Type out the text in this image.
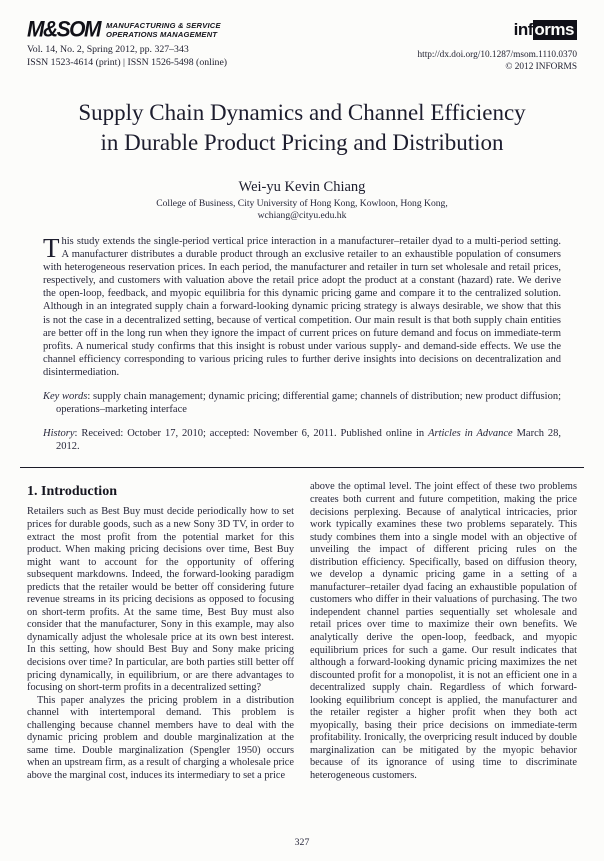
M&SOM MANUFACTURING & SERVICE
OPERATIONS MANAGEMENT
Vol. 14, No. 2, Spring 2012, pp. 327–343
ISSN 1523-4614 (print) | ISSN 1526-5498 (online)
inf orms
http://dx.doi.org/10.1287/msom.1110.0370
© 2012 INFORMS
Supply Chain Dynamics and Channel Efficiency
in Durable Product Pricing and Distribution
Wei-yu Kevin Chiang
College of Business, City University of Hong Kong, Kowloon, Hong Kong,
wchiang@cityu.edu.hk
This study extends the single-period vertical price interaction in a manufacturer–retailer dyad to a multi-period setting. A manufacturer distributes a durable product through an exclusive retailer to an exhaustible population of consumers with heterogeneous reservation prices. In each period, the manufacturer and retailer in turn set wholesale and retail prices, respectively, and customers with valuation above the retail price adopt the product at a constant (hazard) rate. We derive the open-loop, feedback, and myopic equilibria for this dynamic pricing game and compare it to the centralized solution. Although in an integrated supply chain a forward-looking dynamic pricing strategy is always desirable, we show that this is not the case in a decentralized setting, because of vertical competition. Our main result is that both supply chain entities are better off in the long run when they ignore the impact of current prices on future demand and focus on immediate-term profits. A numerical study confirms that this insight is robust under various supply- and demand-side effects. We use the channel efficiency corresponding to various pricing rules to further derive insights into decisions on decentralization and disintermediation.
Key words: supply chain management; dynamic pricing; differential game; channels of distribution; new product diffusion; operations–marketing interface
History: Received: October 17, 2010; accepted: November 6, 2011. Published online in Articles in Advance March 28, 2012.
1. Introduction

Retailers such as Best Buy must decide periodically how to set prices for durable goods, such as a new Sony 3D TV, in order to extract the most profit from the potential market for this product. When making pricing decisions over time, Best Buy might want to account for the opportunity of offering subsequent markdowns. Indeed, the forward-looking paradigm predicts that the retailer would be better off considering future revenue streams in its pricing decisions as opposed to focusing on short-term profits. At the same time, Best Buy must also consider that the manufacturer, Sony in this example, may also dynamically adjust the wholesale price at its own best interest. In this setting, how should Best Buy and Sony make pricing decisions over time? In particular, are both parties still better off pricing dynamically, in equilibrium, or are there advantages to focusing on short-term profits in a decentralized setting?

This paper analyzes the pricing problem in a distribution channel with intertemporal demand. This problem is challenging because channel members have to deal with the dynamic pricing problem and double marginalization at the same time. Double marginalization (Spengler 1950) occurs when an upstream firm, as a result of charging a wholesale price above the marginal cost, induces its intermediary to set a price

above the optimal level. The joint effect of these two problems creates both current and future competition, making the price decisions perplexing. Because of analytical intricacies, prior work typically examines these two problems separately. This study combines them into a single model with an objective of unveiling the impact of different pricing rules on the distribution efficiency. Specifically, based on diffusion theory, we develop a dynamic pricing game in a setting of a manufacturer–retailer dyad facing an exhaustible population of customers who differ in their valuations of purchasing. The two independent channel parties sequentially set wholesale and retail prices over time to maximize their own benefits. We analytically derive the open-loop, feedback, and myopic equilibrium prices for such a game. Our result indicates that although a forward-looking dynamic pricing maximizes the net discounted profit for a monopolist, it is not an efficient one in a decentralized supply chain. Regardless of which forward-looking equilibrium concept is applied, the manufacturer and the retailer register a higher profit when they both act myopically, basing their price decisions on immediate-term profitability. Ironically, the overpricing result induced by double marginalization can be mitigated by the myopic behavior because of its ignorance of using time to discriminate heterogeneous customers.

327
